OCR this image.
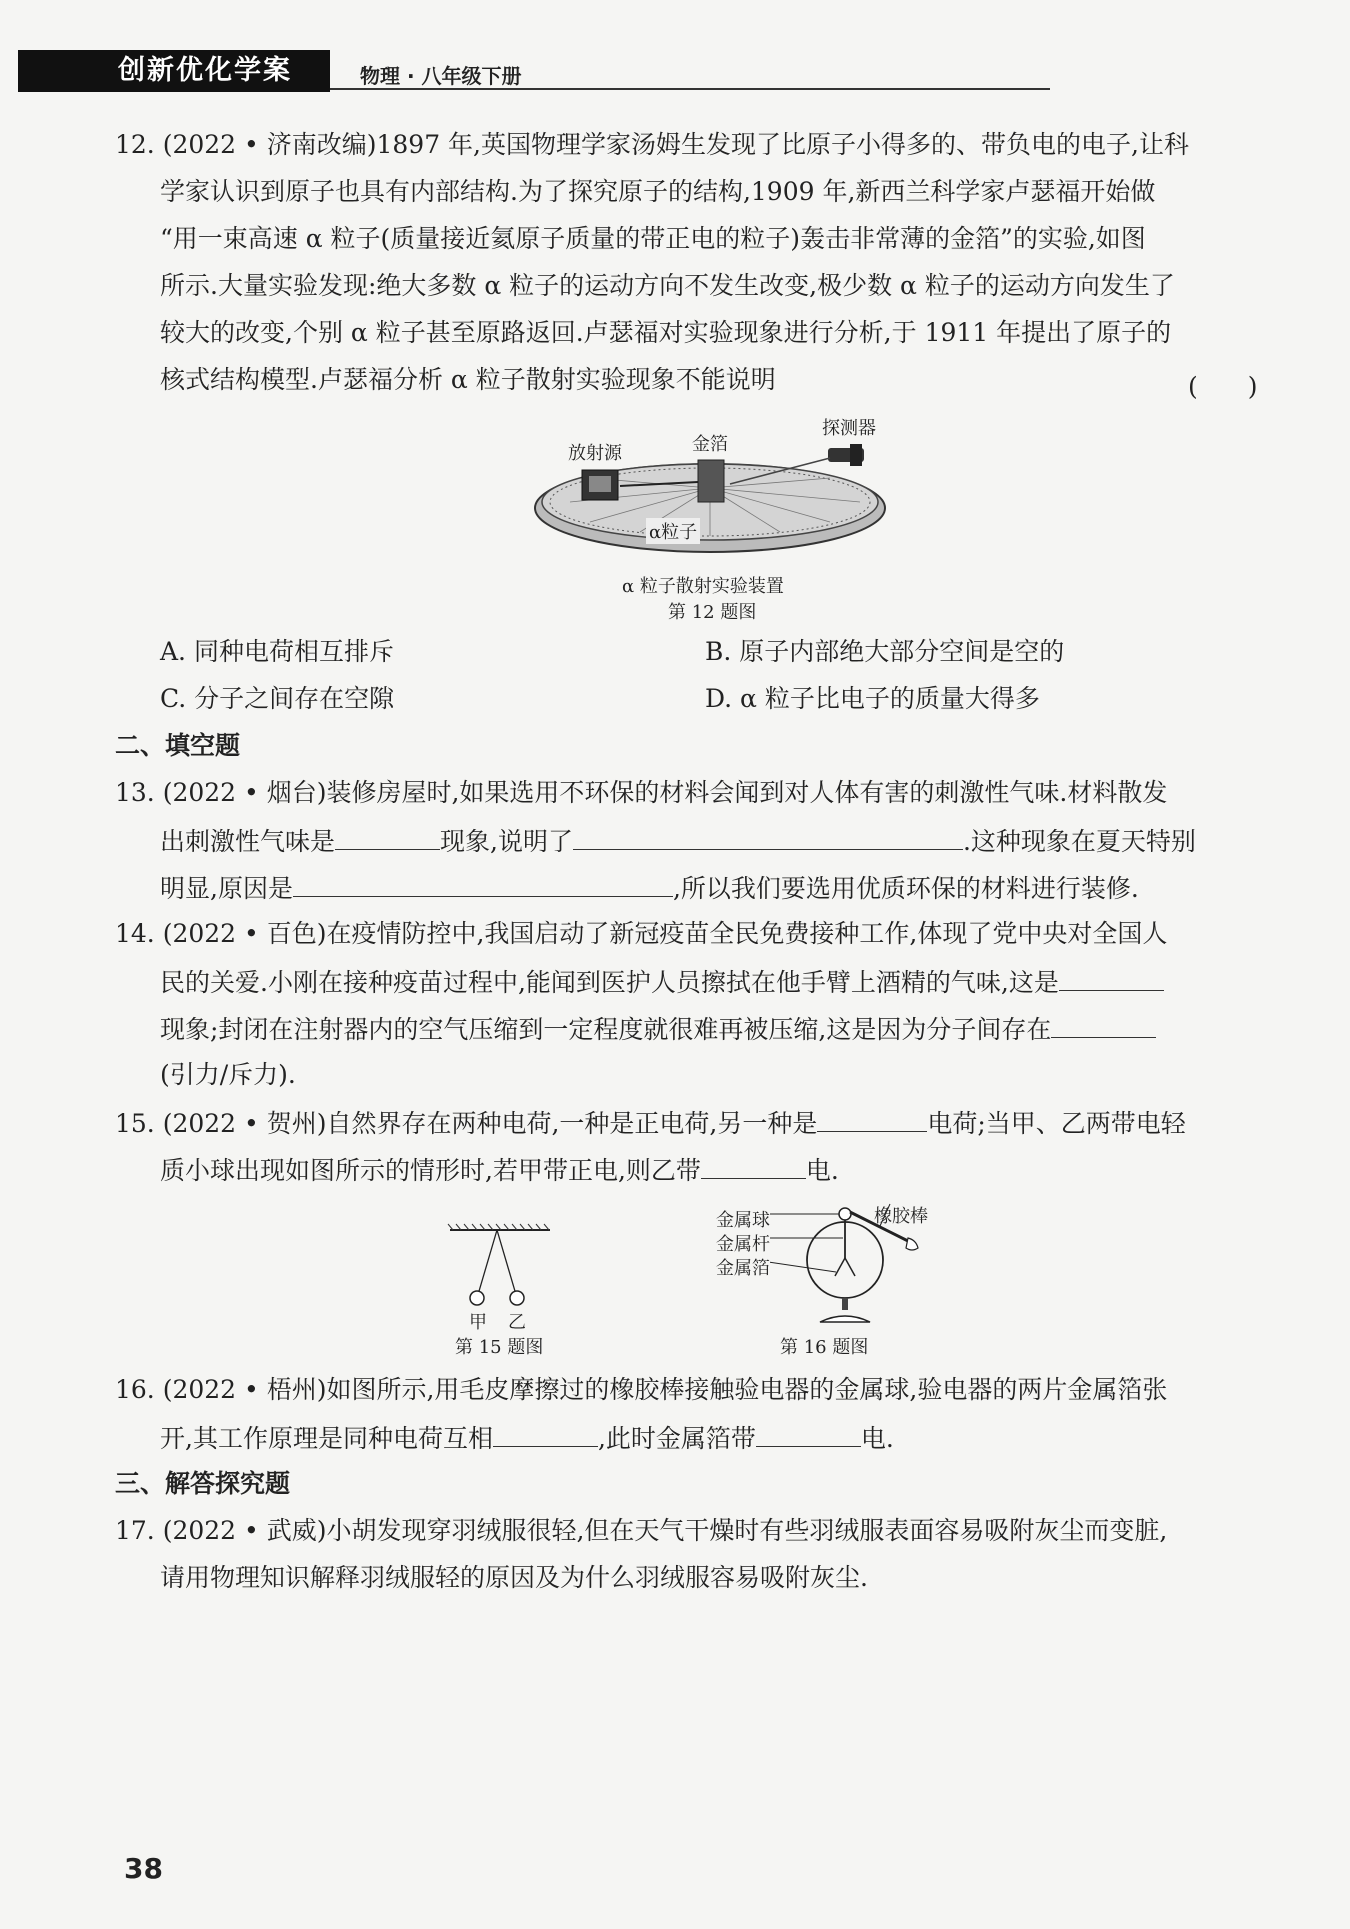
创新优化学案	物理 · 八年级下册
12. (2022 • 济南改编)1897 年,英国物理学家汤姆生发现了比原子小得多的、带负电的电子,让科
学家认识到原子也具有内部结构.为了探究原子的结构,1909 年,新西兰科学家卢瑟福开始做
“用一束高速 α 粒子(质量接近氦原子质量的带正电的粒子)轰击非常薄的金箔”的实验,如图
所示.大量实验发现:绝大多数 α 粒子的运动方向不发生改变,极少数 α 粒子的运动方向发生了
较大的改变,个别 α 粒子甚至原路返回.卢瑟福对实验现象进行分析,于 1911 年提出了原子的
核式结构模型.卢瑟福分析 α 粒子散射实验现象不能说明	(　　)
放射源	金箔
探测器
α粒子
α 粒子散射实验装置
第 12 题图
A. 同种电荷相互排斥	B. 原子内部绝大部分空间是空的
C. 分子之间存在空隙	D. α 粒子比电子的质量大得多
二、填空题
13. (2022 • 烟台)装修房屋时,如果选用不环保的材料会闻到对人体有害的刺激性气味.材料散发
出刺激性气味是	现象,说明了	.这种现象在夏天特别
明显,原因是	,所以我们要选用优质环保的材料进行装修.
14. (2022 • 百色)在疫情防控中,我国启动了新冠疫苗全民免费接种工作,体现了党中央对全国人
民的关爱.小刚在接种疫苗过程中,能闻到医护人员擦拭在他手臂上酒精的气味,这是
现象;封闭在注射器内的空气压缩到一定程度就很难再被压缩,这是因为分子间存在
(引力/斥力).
15. (2022 • 贺州)自然界存在两种电荷,一种是正电荷,另一种是	电荷;当甲、乙两带电轻
质小球出现如图所示的情形时,若甲带正电,则乙带	电.
甲 乙
第 15 题图
金属球
金属杆
金属箔
橡胶棒
第 16 题图
16. (2022 • 梧州)如图所示,用毛皮摩擦过的橡胶棒接触验电器的金属球,验电器的两片金属箔张
开,其工作原理是同种电荷互相	,此时金属箔带	电.
三、解答探究题
17. (2022 • 武威)小胡发现穿羽绒服很轻,但在天气干燥时有些羽绒服表面容易吸附灰尘而变脏,
请用物理知识解释羽绒服轻的原因及为什么羽绒服容易吸附灰尘.
38
